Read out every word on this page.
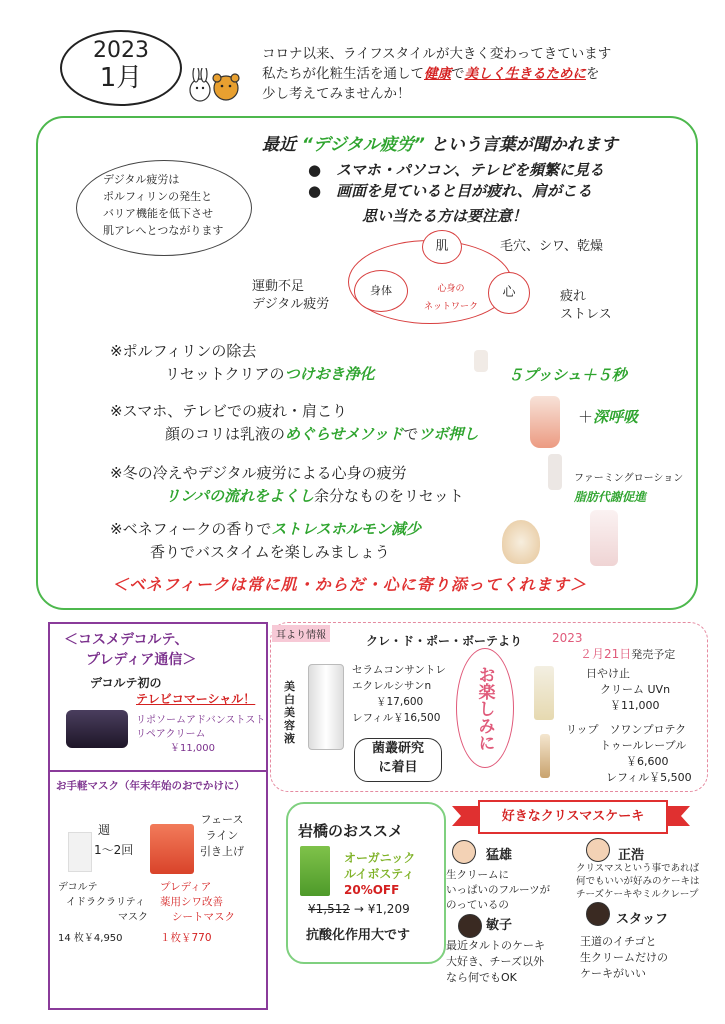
2023
1月
コロナ以来、ライフスタイルが大きく変わってきています
私たちが化粧生活を通して健康で美しく生きるためにを
少し考えてみませんか！
最近 “デジタル疲労” という言葉が聞かれます
●　スマホ・パソコン、テレビを頻繁に見る
●　画面を見ていると目が疲れ、肩がこる
思い当たる方は要注意！
デジタル疲労は
ポルフィリンの発生と
バリア機能を低下させ
肌アレへとつながります
肌
身体	心
心身の
ネットワーク
毛穴、シワ、乾燥
運動不足
デジタル疲労
疲れ
ストレス
※ポルフィリンの除去
リセットクリアのつけおき浄化	５プッシュ＋５秒
※スマホ、テレビでの疲れ・肩こり
顔のコリは乳液のめぐらせメソッドでツボ押し
＋深呼吸
※冬の冷えやデジタル疲労による心身の疲労
リンパの流れをよくし余分なものをリセット
ファーミングローション
脂肪代謝促進
※ベネフィークの香りでストレスホルモン減少
香りでバスタイムを楽しみましょう
＜ベネフィークは常に肌・からだ・心に寄り添ってくれます＞
＜コスメデコルテ、
プレディア通信＞
デコルテ初の
テレビコマーシャル！
リポソームアドバンストスト
リペアクリーム
￥11,000
お手軽マスク（年末年始のおでかけに）
週
1〜2回
フェース
ライン
引き上げ
デコルテ
イドラクラリティ
マスク
14 枚￥4,950
プレディア
薬用シワ改善
シートマスク
１枚￥770
耳より情報	クレ・ド・ポー・ボーテより
美白美容液
セラムコンサントレ
エクレルシサンn
￥17,600
レフィル￥16,500
菌叢研究
に着目
お楽しみに
2023
２月21日発売予定
日やけ止
クリーム UVn
￥11,000
リップ　ソワンプロテク
トゥールレーブル
￥6,600
レフィル￥5,500
岩橋のおススメ
オーガニック
ルイボスティ
20%OFF
¥1,512 → ¥1,209
抗酸化作用大です
好きなクリスマスケーキ
猛雄
生クリームに
いっぱいのフルーツが
のっているの
正浩
クリスマスという事であれば
何でもいいが好みのケーキは
チーズケーキやミルクレープ
敏子
最近タルトのケーキ
大好き、チーズ以外
なら何でもOK
スタッフ
王道のイチゴと
生クリームだけの
ケーキがいい
